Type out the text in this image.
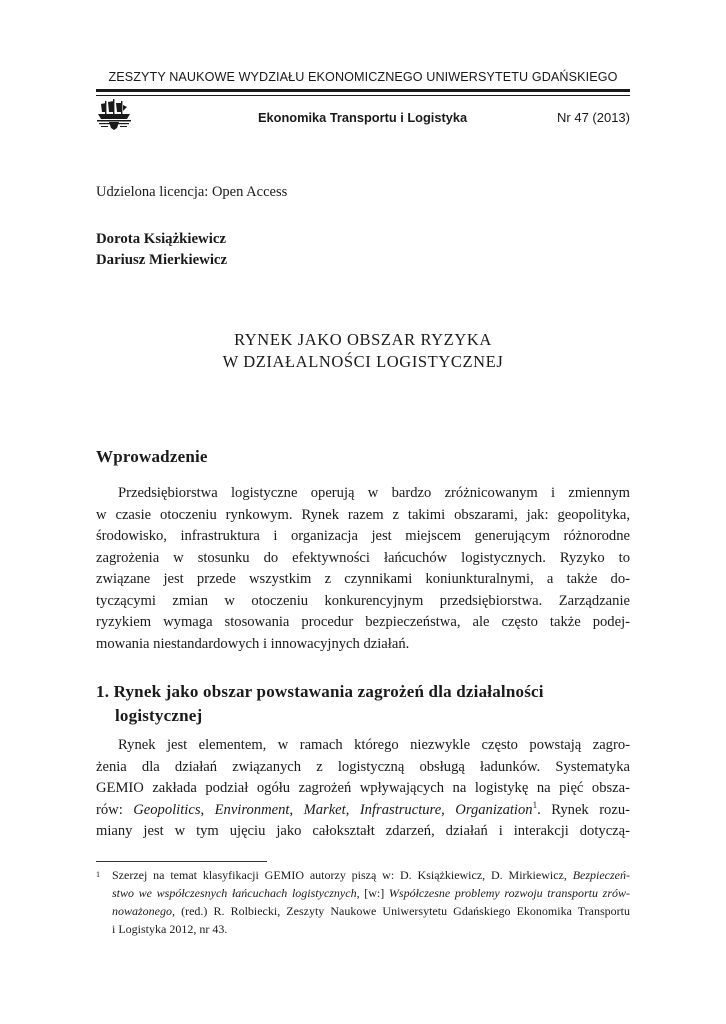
ZESZYTY NAUKOWE WYDZIAŁU EKONOMICZNEGO UNIWERSYTETU GDAŃSKIEGO
Ekonomika Transportu i Logistyka	Nr 47 (2013)
Udzielona licencja: Open Access
Dorota Książkiewicz
Dariusz Mierkiewicz
RYNEK JAKO OBSZAR RYZYKA
W DZIAŁALNOŚCI LOGISTYCZNEJ
Wprowadzenie
Przedsiębiorstwa logistyczne operują w bardzo zróżnicowanym i zmiennym
w czasie otoczeniu rynkowym. Rynek razem z takimi obszarami, jak: geopolityka,
środowisko, infrastruktura i organizacja jest miejscem generującym różnorodne
zagrożenia w stosunku do efektywności łańcuchów logistycznych. Ryzyko to
związane jest przede wszystkim z czynnikami koniunkturalnymi, a także do-
tyczącymi zmian w otoczeniu konkurencyjnym przedsiębiorstwa. Zarządzanie
ryzykiem wymaga stosowania procedur bezpieczeństwa, ale często także podej-
mowania niestandardowych i innowacyjnych działań.
1. Rynek jako obszar powstawania zagrożeń dla działalności
logistycznej
Rynek jest elementem, w ramach którego niezwykle często powstają zagro-
żenia dla działań związanych z logistyczną obsługą ładunków. Systematyka
GEMIO zakłada podział ogółu zagrożeń wpływających na logistykę na pięć obsza-
rów: Geopolitics, Environment, Market, Infrastructure, Organization$^1$. Rynek rozu-
miany jest w tym ujęciu jako całokształt zdarzeń, działań i interakcji dotyczą-
1 Szerzej na temat klasyfikacji GEMIO autorzy piszą w: D. Książkiewicz, D. Mirkiewicz, Bezpieczeń-
stwo we współczesnych łańcuchach logistycznych, [w:] Współczesne problemy rozwoju transportu zrów-
noważonego, (red.) R. Rolbiecki, Zeszyty Naukowe Uniwersytetu Gdańskiego Ekonomika Transportu
i Logistyka 2012, nr 43.
